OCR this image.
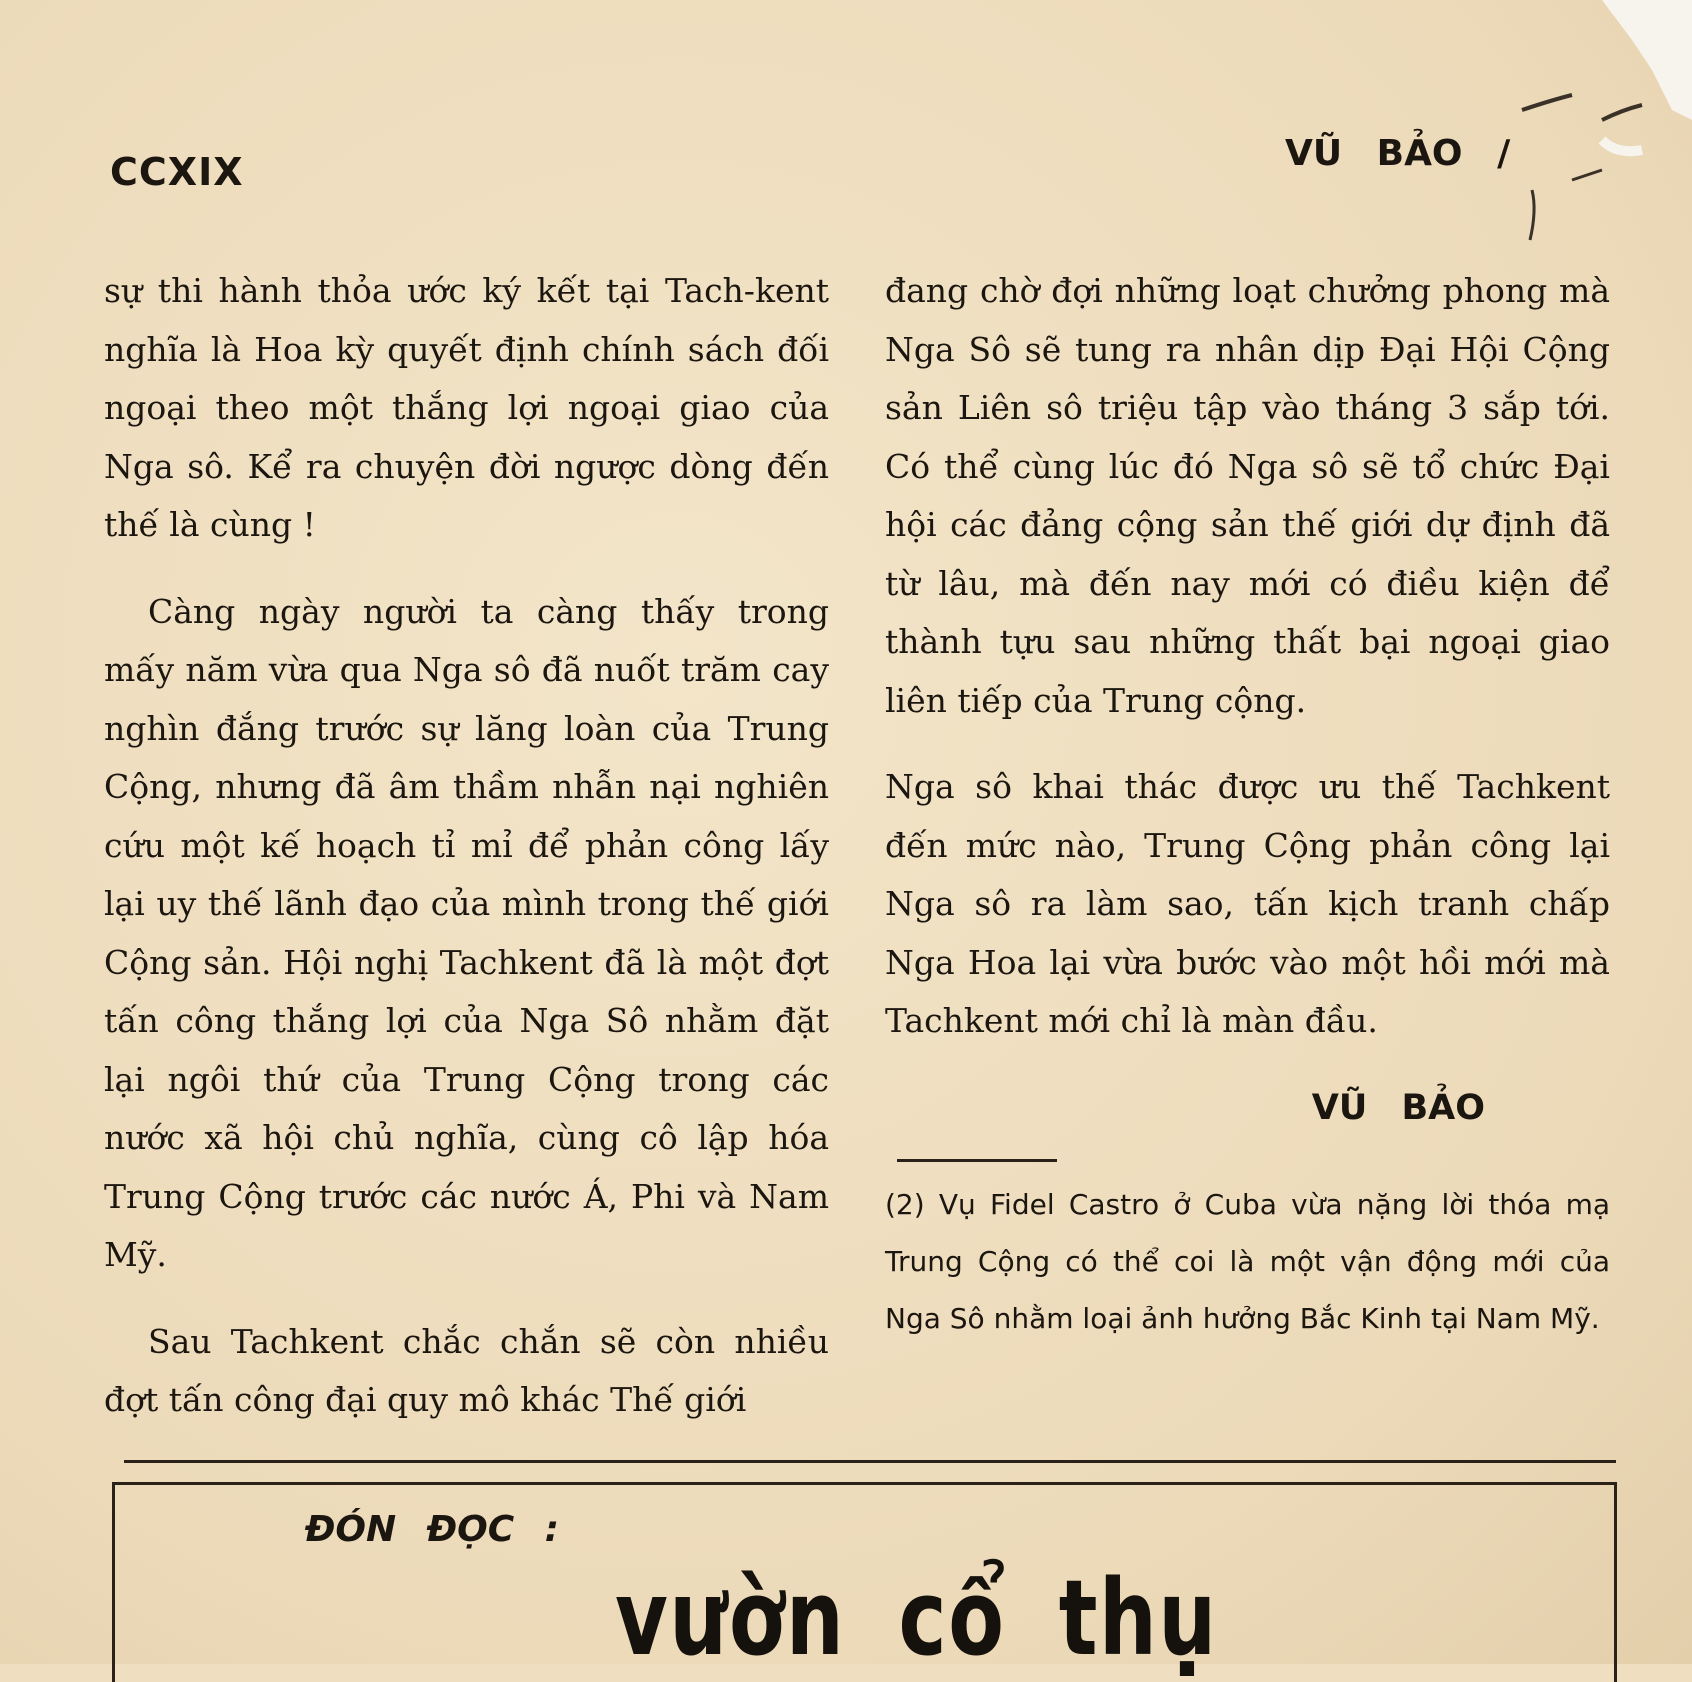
CCXIX	VŨ BẢO /

sự thi hành thỏa ước ký kết tại Tach-kent nghĩa là Hoa kỳ quyết định chính sách đối ngoại theo một thắng lợi ngoại giao của Nga sô. Kể ra chuyện đời ngược dòng đến thế là cùng !

Càng ngày người ta càng thấy trong mấy năm vừa qua Nga sô đã nuốt trăm cay nghìn đắng trước sự lăng loàn của Trung Cộng, nhưng đã âm thầm nhẫn nại nghiên cứu một kế hoạch tỉ mỉ để phản công lấy lại uy thế lãnh đạo của mình trong thế giới Cộng sản. Hội nghị Tachkent đã là một đợt tấn công thắng lợi của Nga Sô nhằm đặt lại ngôi thứ của Trung Cộng trong các nước xã hội chủ nghĩa, cùng cô lập hóa Trung Cộng trước các nước Á, Phi và Nam Mỹ.

Sau Tachkent chắc chắn sẽ còn nhiều đợt tấn công đại quy mô khác Thế giới

đang chờ đợi những loạt chưởng phong mà Nga Sô sẽ tung ra nhân dịp Đại Hội Cộng sản Liên sô triệu tập vào tháng 3 sắp tới. Có thể cùng lúc đó Nga sô sẽ tổ chức Đại hội các đảng cộng sản thế giới dự định đã từ lâu, mà đến nay mới có điều kiện để thành tựu sau những thất bại ngoại giao liên tiếp của Trung cộng.

Nga sô khai thác được ưu thế Tachkent đến mức nào, Trung Cộng phản công lại Nga sô ra làm sao, tấn kịch tranh chấp Nga Hoa lại vừa bước vào một hồi mới mà Tachkent mới chỉ là màn đầu.

VŨ BẢO
(2) Vụ Fidel Castro ở Cuba vừa nặng lời thóa mạ Trung Cộng có thể coi là một vận động mới của Nga Sô nhằm loại ảnh hưởng Bắc Kinh tại Nam Mỹ.
ĐÓN ĐỌC :
vườn cổ thụ
